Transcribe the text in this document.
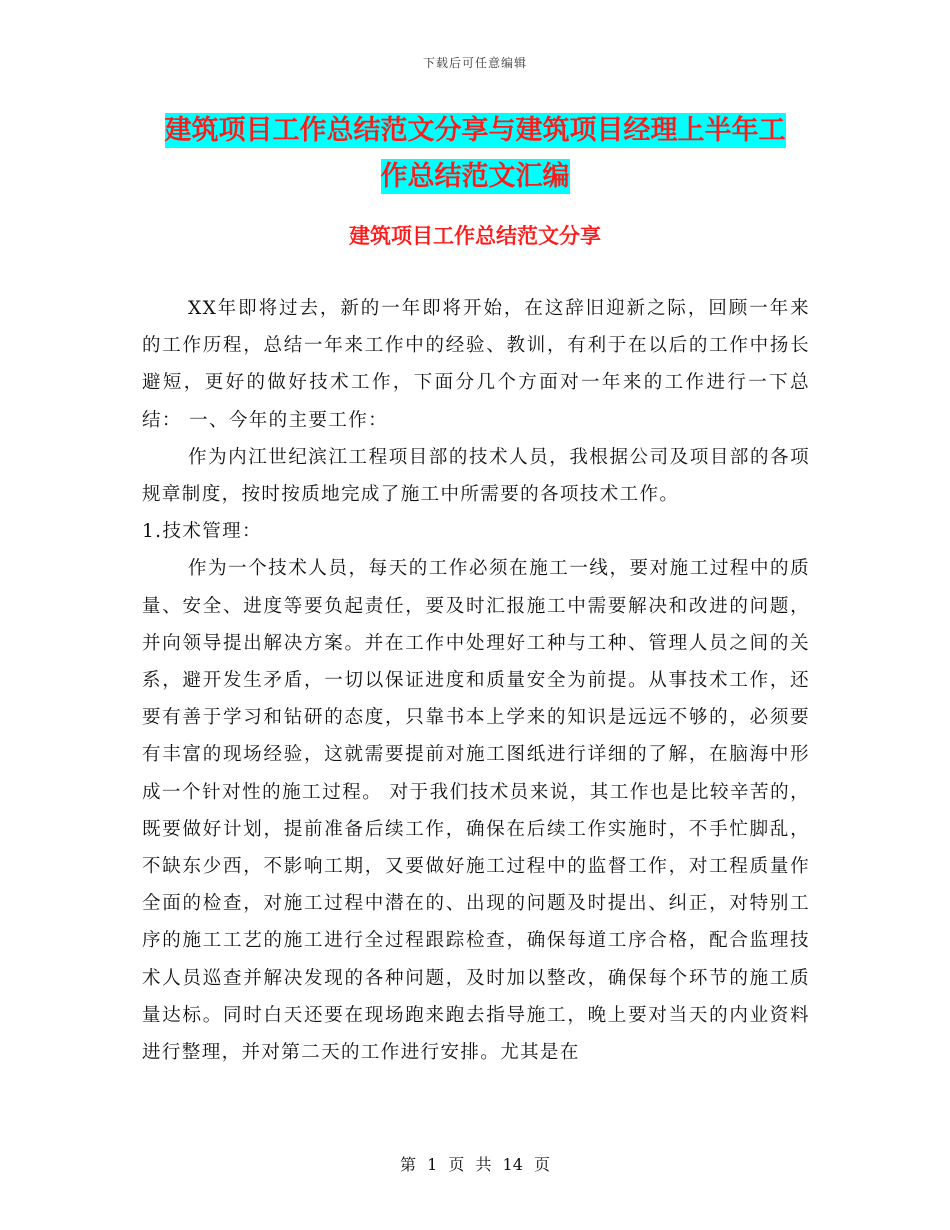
下载后可任意编辑
建筑项目工作总结范文分享与建筑项目经理上半年工
作总结范文汇编
建筑项目工作总结范文分享

XX年即将过去，新的一年即将开始，在这辞旧迎新之际，回顾一年来的工作历程，总结一年来工作中的经验、教训，有利于在以后的工作中扬长避短，更好的做好技术工作，下面分几个方面对一年来的工作进行一下总结： 一、今年的主要工作：

作为内江世纪滨江工程项目部的技术人员，我根据公司及项目部的各项规章制度，按时按质地完成了施工中所需要的各项技术工作。

1.技术管理：

作为一个技术人员，每天的工作必须在施工一线，要对施工过程中的质量、安全、进度等要负起责任，要及时汇报施工中需要解决和改进的问题，并向领导提出解决方案。并在工作中处理好工种与工种、管理人员之间的关系，避开发生矛盾，一切以保证进度和质量安全为前提。从事技术工作，还要有善于学习和钻研的态度，只靠书本上学来的知识是远远不够的，必须要有丰富的现场经验，这就需要提前对施工图纸进行详细的了解，在脑海中形成一个针对性的施工过程。 对于我们技术员来说，其工作也是比较辛苦的，既要做好计划，提前准备后续工作，确保在后续工作实施时，不手忙脚乱，不缺东少西，不影响工期，又要做好施工过程中的监督工作，对工程质量作全面的检查，对施工过程中潜在的、出现的问题及时提出、纠正，对特别工序的施工工艺的施工进行全过程跟踪检查，确保每道工序合格，配合监理技术人员巡查并解决发现的各种问题，及时加以整改，确保每个环节的施工质量达标。同时白天还要在现场跑来跑去指导施工，晚上要对当天的内业资料进行整理，并对第二天的工作进行安排。尤其是在

第 1 页 共 14 页
